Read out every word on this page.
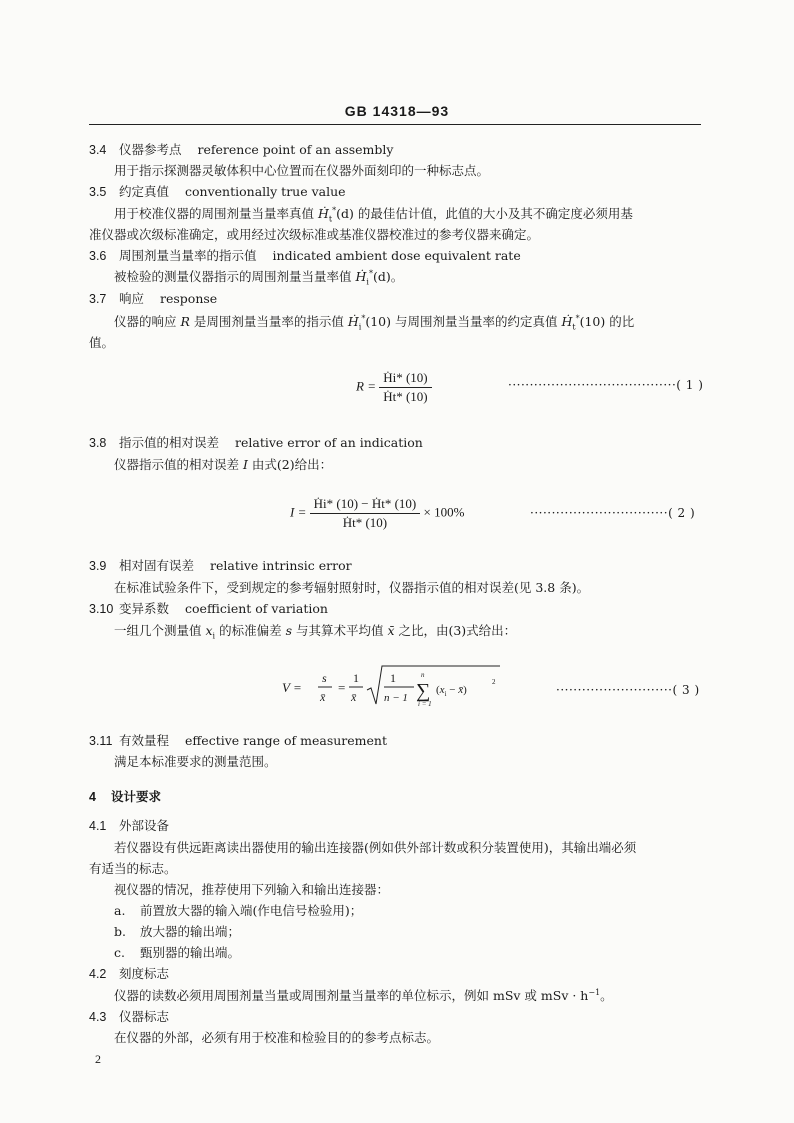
GB 14318—93
3.4 仪器参考点 reference point of an assembly
用于指示探测器灵敏体积中心位置而在仪器外面刻印的一种标志点。
3.5 约定真值 conventionally true value
用于校准仪器的周围剂量当量率真值 Ḣ$_t$*(d) 的最佳估计值，此值的大小及其不确定度必须用基
准仪器或次级标准确定，或用经过次级标准或基准仪器校准过的参考仪器来确定。
3.6 周围剂量当量率的指示值 indicated ambient dose equivalent rate
被检验的测量仪器指示的周围剂量当量率值 Ḣ$_i$*(d)。
3.7 响应 response
仪器的响应 R 是周围剂量当量率的指示值 Ḣ$_i$*(10) 与周围剂量当量率的约定真值 Ḣ$_t$*(10) 的比
值。
$R = \frac{\text{Ḣi* (10)}}{\text{Ḣt* (10)}}$	·······································( 1 )
3.8 指示值的相对误差 relative error of an indication
仪器指示值的相对误差 I 由式(2)给出：
$I = \frac{\text{Ḣi* (10) − Ḣt* (10)}}{\text{Ḣt* (10)}} \times 100\%$	································( 2 )
3.9 相对固有误差 relative intrinsic error
在标准试验条件下，受到规定的参考辐射照射时，仪器指示值的相对误差(见 3.8 条)。
3.10 变异系数 coefficient of variation
一组几个测量值 $x_i$ 的标准偏差 s 与其算术平均值 x̄ 之比，由(3)式给出：
V =
s
x̄
=
1
x̄
1
n − 1 ∑
n
i = 1
($x_i$ − x̄)
2
···························( 3 )
3.11 有效量程 effective range of measurement
满足本标准要求的测量范围。
4 设计要求
4.1 外部设备
若仪器设有供远距离读出器使用的输出连接器(例如供外部计数或积分装置使用)，其输出端必须
有适当的标志。
视仪器的情况，推荐使用下列输入和输出连接器：
a. 前置放大器的输入端(作电信号检验用)；
b. 放大器的输出端；
c. 甄别器的输出端。
4.2 刻度标志
仪器的读数必须用周围剂量当量或周围剂量当量率的单位标示，例如 mSv 或 mSv · $h^{-1}$。
4.3 仪器标志
在仪器的外部，必须有用于校准和检验目的的参考点标志。
2
